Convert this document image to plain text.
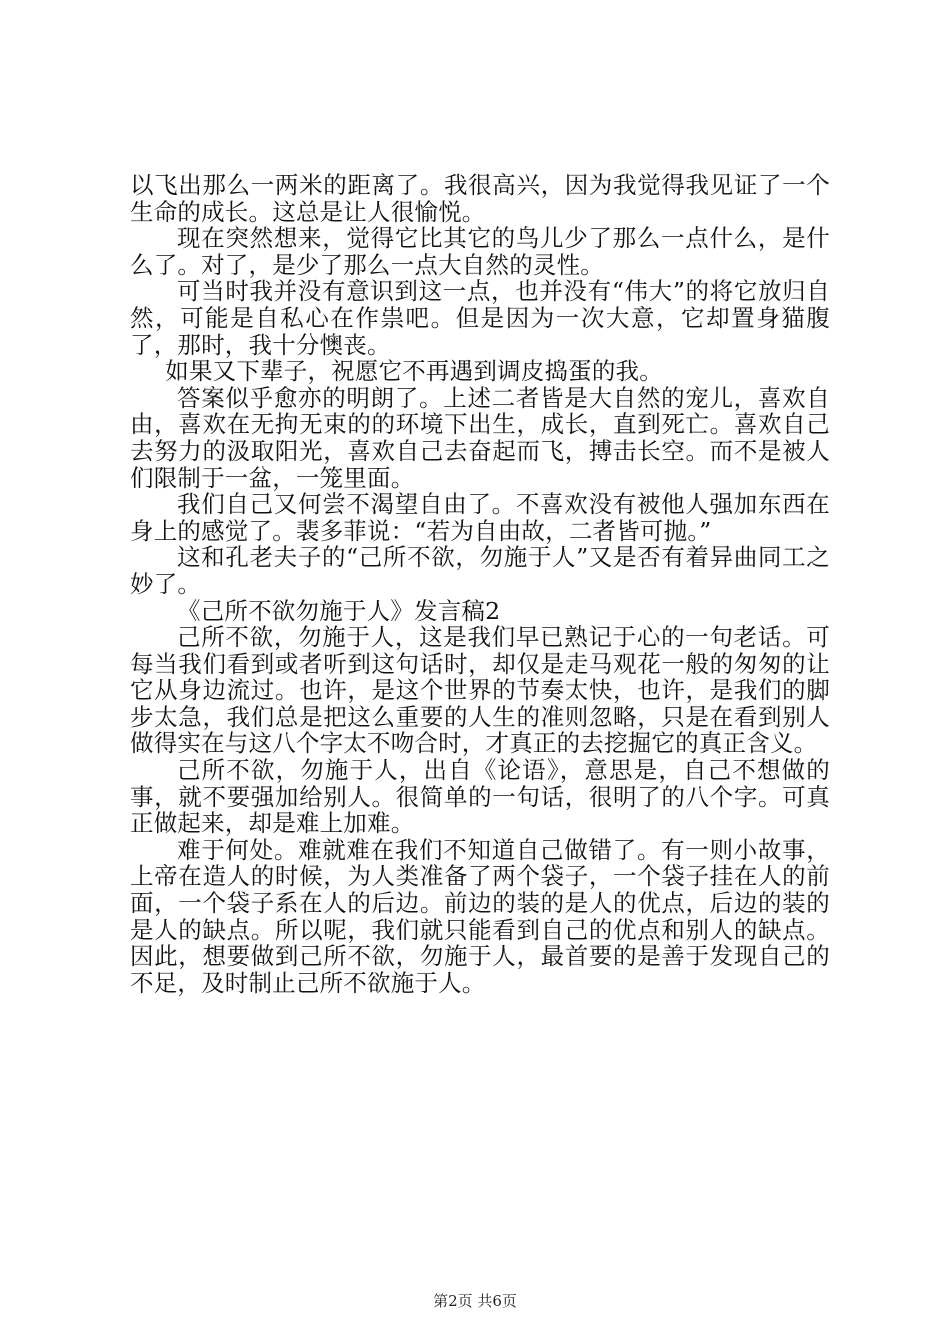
以飞出那么一两米的距离了。我很高兴，因为我觉得我见证了一个生命的成长。这总是让人很愉悦。

现在突然想来，觉得它比其它的鸟儿少了那么一点什么，是什么了。对了，是少了那么一点大自然的灵性。

可当时我并没有意识到这一点，也并没有“伟大”的将它放归自然，可能是自私心在作祟吧。但是因为一次大意，它却置身猫腹了，那时，我十分懊丧。

如果又下辈子，祝愿它不再遇到调皮捣蛋的我。

答案似乎愈亦的明朗了。上述二者皆是大自然的宠儿，喜欢自由，喜欢在无拘无束的的环境下出生，成长，直到死亡。喜欢自己去努力的汲取阳光，喜欢自己去奋起而飞，搏击长空。而不是被人们限制于一盆，一笼里面。

我们自己又何尝不渴望自由了。不喜欢没有被他人强加东西在身上的感觉了。裴多菲说：“若为自由故，二者皆可抛。”

这和孔老夫子的“己所不欲，勿施于人”又是否有着异曲同工之妙了。

《己所不欲勿施于人》发言稿2

己所不欲，勿施于人，这是我们早已熟记于心的一句老话。可每当我们看到或者听到这句话时，却仅是走马观花一般的匆匆的让它从身边流过。也许，是这个世界的节奏太快，也许，是我们的脚步太急，我们总是把这么重要的人生的准则忽略，只是在看到别人做得实在与这八个字太不吻合时，才真正的去挖掘它的真正含义。

己所不欲，勿施于人，出自《论语》，意思是，自己不想做的事，就不要强加给别人。很简单的一句话，很明了的八个字。可真正做起来，却是难上加难。

难于何处。难就难在我们不知道自己做错了。有一则小故事，上帝在造人的时候，为人类准备了两个袋子，一个袋子挂在人的前面，一个袋子系在人的后边。前边的装的是人的优点，后边的装的是人的缺点。所以呢，我们就只能看到自己的优点和别人的缺点。因此，想要做到己所不欲，勿施于人，最首要的是善于发现自己的不足，及时制止己所不欲施于人。

第2页 共6页
